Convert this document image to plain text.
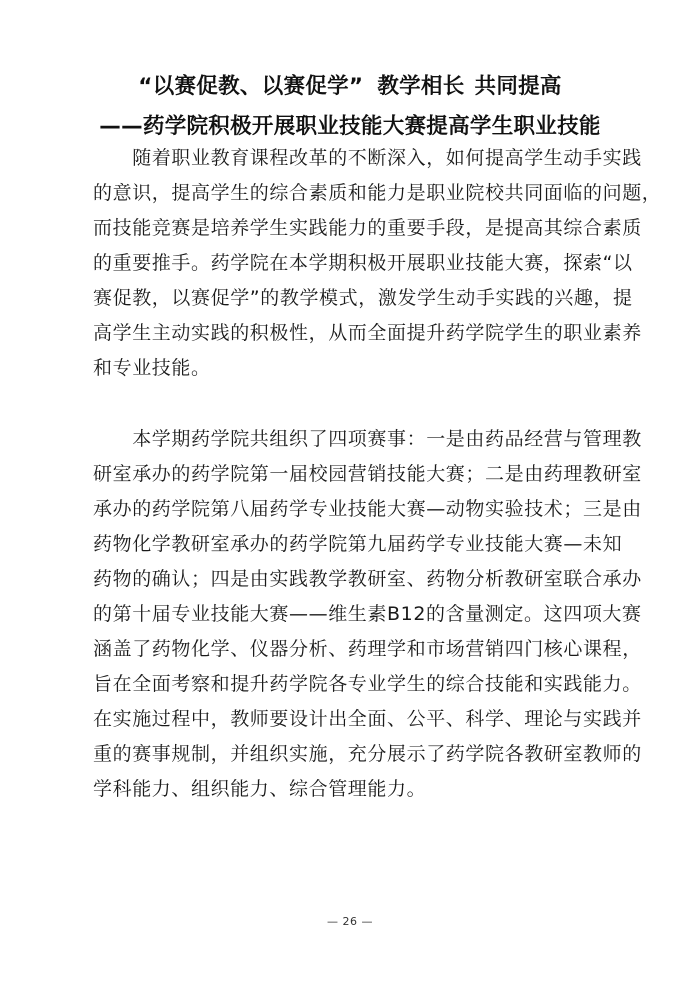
“以赛促教、以赛促学” 教学相长 共同提高
——药学院积极开展职业技能大赛提高学生职业技能
　　随着职业教育课程改革的不断深入，如何提高学生动手实践
的意识，提高学生的综合素质和能力是职业院校共同面临的问题，
而技能竞赛是培养学生实践能力的重要手段，是提高其综合素质
的重要推手。药学院在本学期积极开展职业技能大赛，探索“以
赛促教，以赛促学”的教学模式，激发学生动手实践的兴趣，提
高学生主动实践的积极性，从而全面提升药学院学生的职业素养
和专业技能。
　　本学期药学院共组织了四项赛事：一是由药品经营与管理教
研室承办的药学院第一届校园营销技能大赛；二是由药理教研室
承办的药学院第八届药学专业技能大赛—动物实验技术；三是由
药物化学教研室承办的药学院第九届药学专业技能大赛—未知
药物的确认；四是由实践教学教研室、药物分析教研室联合承办
的第十届专业技能大赛——维生素B12的含量测定。这四项大赛
涵盖了药物化学、仪器分析、药理学和市场营销四门核心课程，
旨在全面考察和提升药学院各专业学生的综合技能和实践能力。
在实施过程中，教师要设计出全面、公平、科学、理论与实践并
重的赛事规制，并组织实施，充分展示了药学院各教研室教师的
学科能力、组织能力、综合管理能力。
— 26 —
